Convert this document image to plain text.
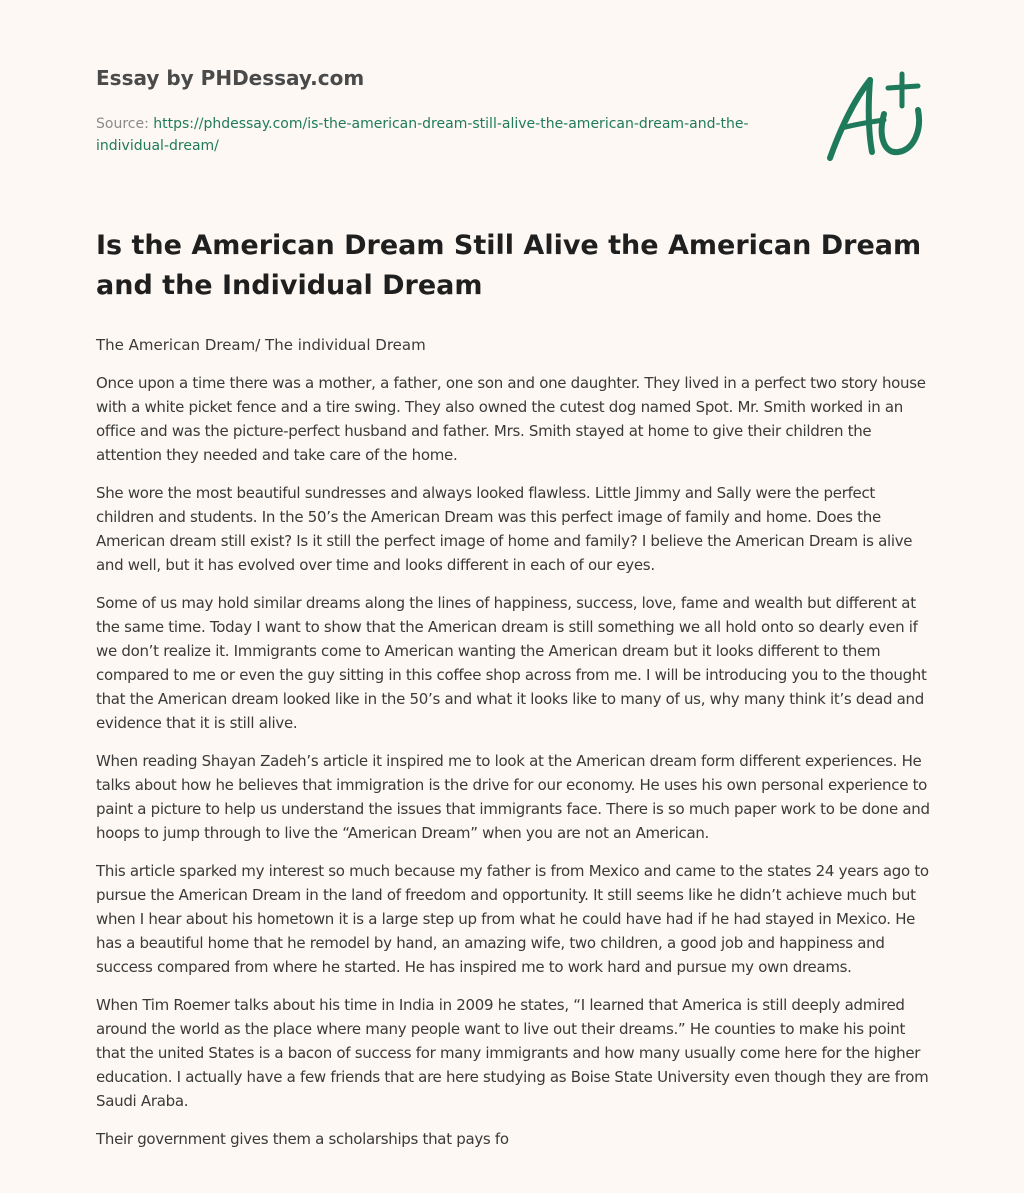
Essay by PHDessay.com
Source: https://phdessay.com/is-the-american-dream-still-alive-the-american-dream-and-the-individual-dream/
Is the American Dream Still Alive the American Dream and the Individual Dream
The American Dream/ The individual Dream

Once upon a time there was a mother, a father, one son and one daughter. They lived in a perfect two story house with a white picket fence and a tire swing. They also owned the cutest dog named Spot. Mr. Smith worked in an office and was the picture-perfect husband and father. Mrs. Smith stayed at home to give their children the attention they needed and take care of the home.

She wore the most beautiful sundresses and always looked flawless. Little Jimmy and Sally were the perfect children and students. In the 50’s the American Dream was this perfect image of family and home. Does the American dream still exist? Is it still the perfect image of home and family? I believe the American Dream is alive and well, but it has evolved over time and looks different in each of our eyes.

Some of us may hold similar dreams along the lines of happiness, success, love, fame and wealth but different at the same time. Today I want to show that the American dream is still something we all hold onto so dearly even if we don’t realize it. Immigrants come to American wanting the American dream but it looks different to them compared to me or even the guy sitting in this coffee shop across from me. I will be introducing you to the thought that the American dream looked like in the 50’s and what it looks like to many of us, why many think it’s dead and evidence that it is still alive.

When reading Shayan Zadeh’s article it inspired me to look at the American dream form different experiences. He talks about how he believes that immigration is the drive for our economy. He uses his own personal experience to paint a picture to help us understand the issues that immigrants face. There is so much paper work to be done and hoops to jump through to live the “American Dream” when you are not an American.

This article sparked my interest so much because my father is from Mexico and came to the states 24 years ago to pursue the American Dream in the land of freedom and opportunity. It still seems like he didn’t achieve much but when I hear about his hometown it is a large step up from what he could have had if he had stayed in Mexico. He has a beautiful home that he remodel by hand, an amazing wife, two children, a good job and happiness and success compared from where he started. He has inspired me to work hard and pursue my own dreams.

When Tim Roemer talks about his time in India in 2009 he states, “I learned that America is still deeply admired around the world as the place where many people want to live out their dreams.” He counties to make his point that the united States is a bacon of success for many immigrants and how many usually come here for the higher education. I actually have a few friends that are here studying as Boise State University even though they are from Saudi Araba.

Their government gives them a scholarships that pays fo
